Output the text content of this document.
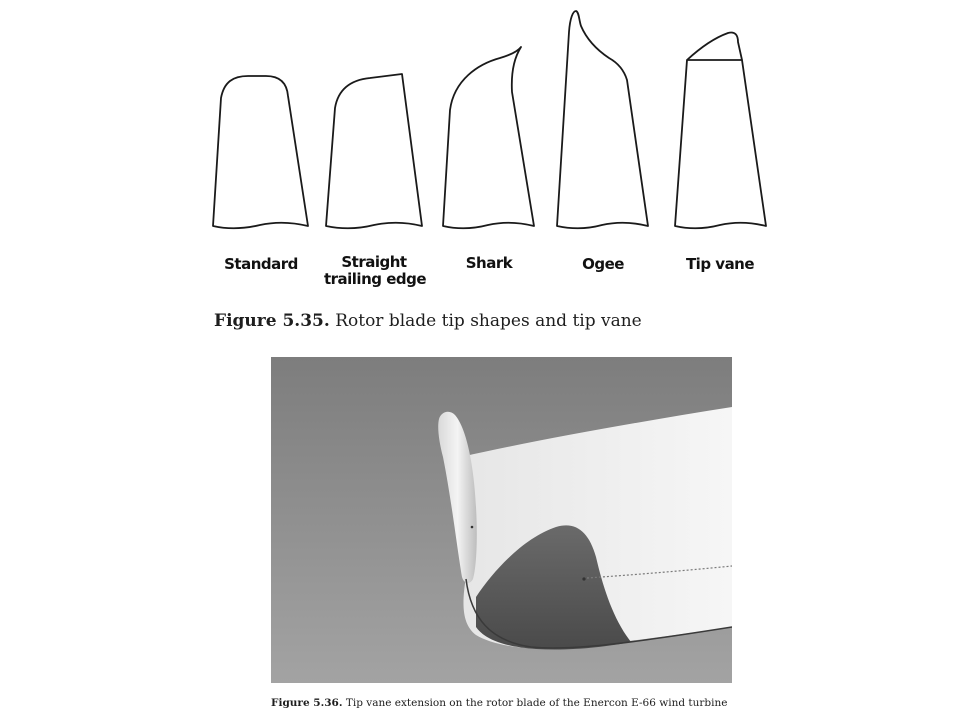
Standard	Straight
trailing edge
Shark	Ogee	Tip vane
Figure 5.35. Rotor blade tip shapes and tip vane
Figure 5.36. Tip vane extension on the rotor blade of the Enercon E-66 wind turbine
